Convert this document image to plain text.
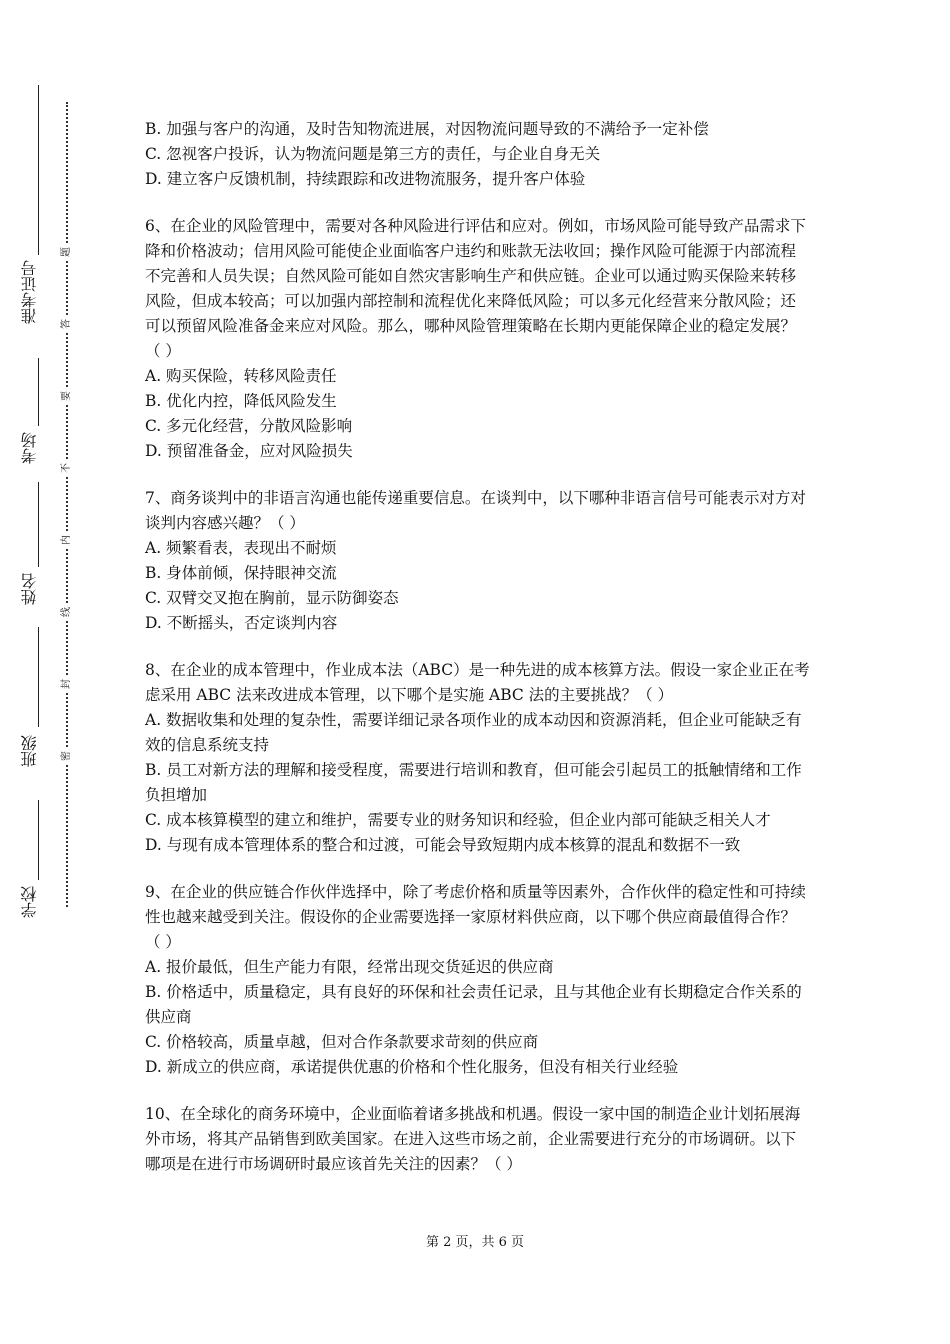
学校
班级
姓名
考场
准考证号
题
答
要
不
内
线
封
密

B. 加强与客户的沟通，及时告知物流进展，对因物流问题导致的不满给予一定补偿

C. 忽视客户投诉，认为物流问题是第三方的责任，与企业自身无关

D. 建立客户反馈机制，持续跟踪和改进物流服务，提升客户体验

6、在企业的风险管理中，需要对各种风险进行评估和应对。例如，市场风险可能导致产品需求下降和价格波动；信用风险可能使企业面临客户违约和账款无法收回；操作风险可能源于内部流程不完善和人员失误；自然风险可能如自然灾害影响生产和供应链。企业可以通过购买保险来转移风险，但成本较高；可以加强内部控制和流程优化来降低风险；可以多元化经营来分散风险；还可以预留风险准备金来应对风险。那么，哪种风险管理策略在长期内更能保障企业的稳定发展？（ ）

A. 购买保险，转移风险责任

B. 优化内控，降低风险发生

C. 多元化经营，分散风险影响

D. 预留准备金，应对风险损失

7、商务谈判中的非语言沟通也能传递重要信息。在谈判中，以下哪种非语言信号可能表示对方对谈判内容感兴趣？（ ）

A. 频繁看表，表现出不耐烦

B. 身体前倾，保持眼神交流

C. 双臂交叉抱在胸前，显示防御姿态

D. 不断摇头，否定谈判内容

8、在企业的成本管理中，作业成本法（ABC）是一种先进的成本核算方法。假设一家企业正在考虑采用 ABC 法来改进成本管理，以下哪个是实施 ABC 法的主要挑战？（ ）

A. 数据收集和处理的复杂性，需要详细记录各项作业的成本动因和资源消耗，但企业可能缺乏有效的信息系统支持

B. 员工对新方法的理解和接受程度，需要进行培训和教育，但可能会引起员工的抵触情绪和工作负担增加

C. 成本核算模型的建立和维护，需要专业的财务知识和经验，但企业内部可能缺乏相关人才

D. 与现有成本管理体系的整合和过渡，可能会导致短期内成本核算的混乱和数据不一致

9、在企业的供应链合作伙伴选择中，除了考虑价格和质量等因素外，合作伙伴的稳定性和可持续性也越来越受到关注。假设你的企业需要选择一家原材料供应商，以下哪个供应商最值得合作？（ ）

A. 报价最低，但生产能力有限，经常出现交货延迟的供应商

B. 价格适中，质量稳定，具有良好的环保和社会责任记录，且与其他企业有长期稳定合作关系的供应商

C. 价格较高，质量卓越，但对合作条款要求苛刻的供应商

D. 新成立的供应商，承诺提供优惠的价格和个性化服务，但没有相关行业经验

10、在全球化的商务环境中，企业面临着诸多挑战和机遇。假设一家中国的制造企业计划拓展海外市场，将其产品销售到欧美国家。在进入这些市场之前，企业需要进行充分的市场调研。以下哪项是在进行市场调研时最应该首先关注的因素？（ ）

第 2 页，共 6 页
